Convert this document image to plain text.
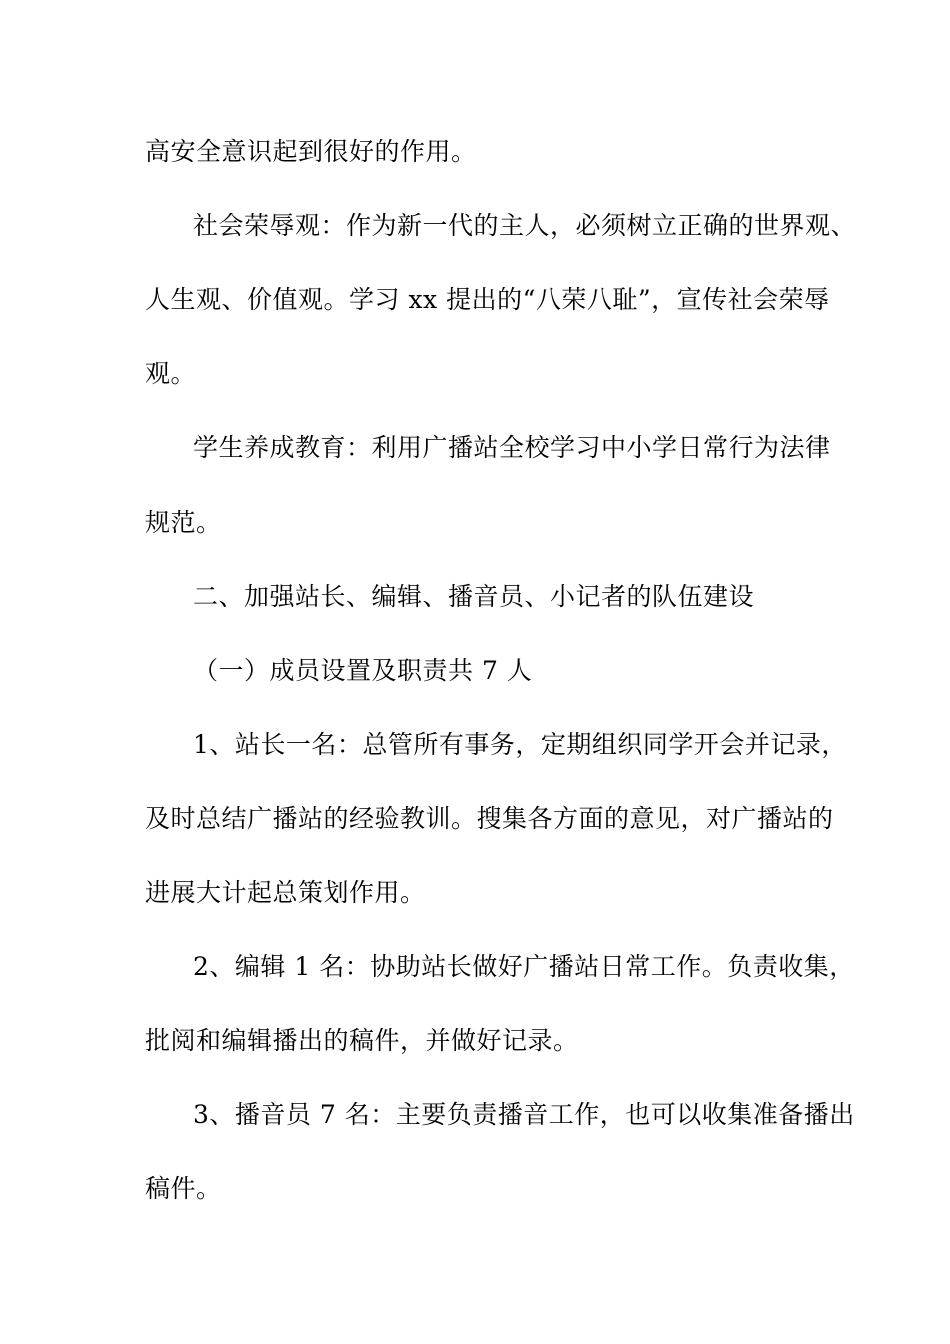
高安全意识起到很好的作用。
社会荣辱观：作为新一代的主人，必须树立正确的世界观、
人生观、价值观。学习 xx 提出的“八荣八耻”，宣传社会荣辱
观。
学生养成教育：利用广播站全校学习中小学日常行为法律
规范。
二、加强站长、编辑、播音员、小记者的队伍建设
（一）成员设置及职责共 7 人
1、站长一名：总管所有事务，定期组织同学开会并记录，
及时总结广播站的经验教训。搜集各方面的意见，对广播站的
进展大计起总策划作用。
2、编辑 1 名：协助站长做好广播站日常工作。负责收集，
批阅和编辑播出的稿件，并做好记录。
3、播音员 7 名：主要负责播音工作，也可以收集准备播出
稿件。
